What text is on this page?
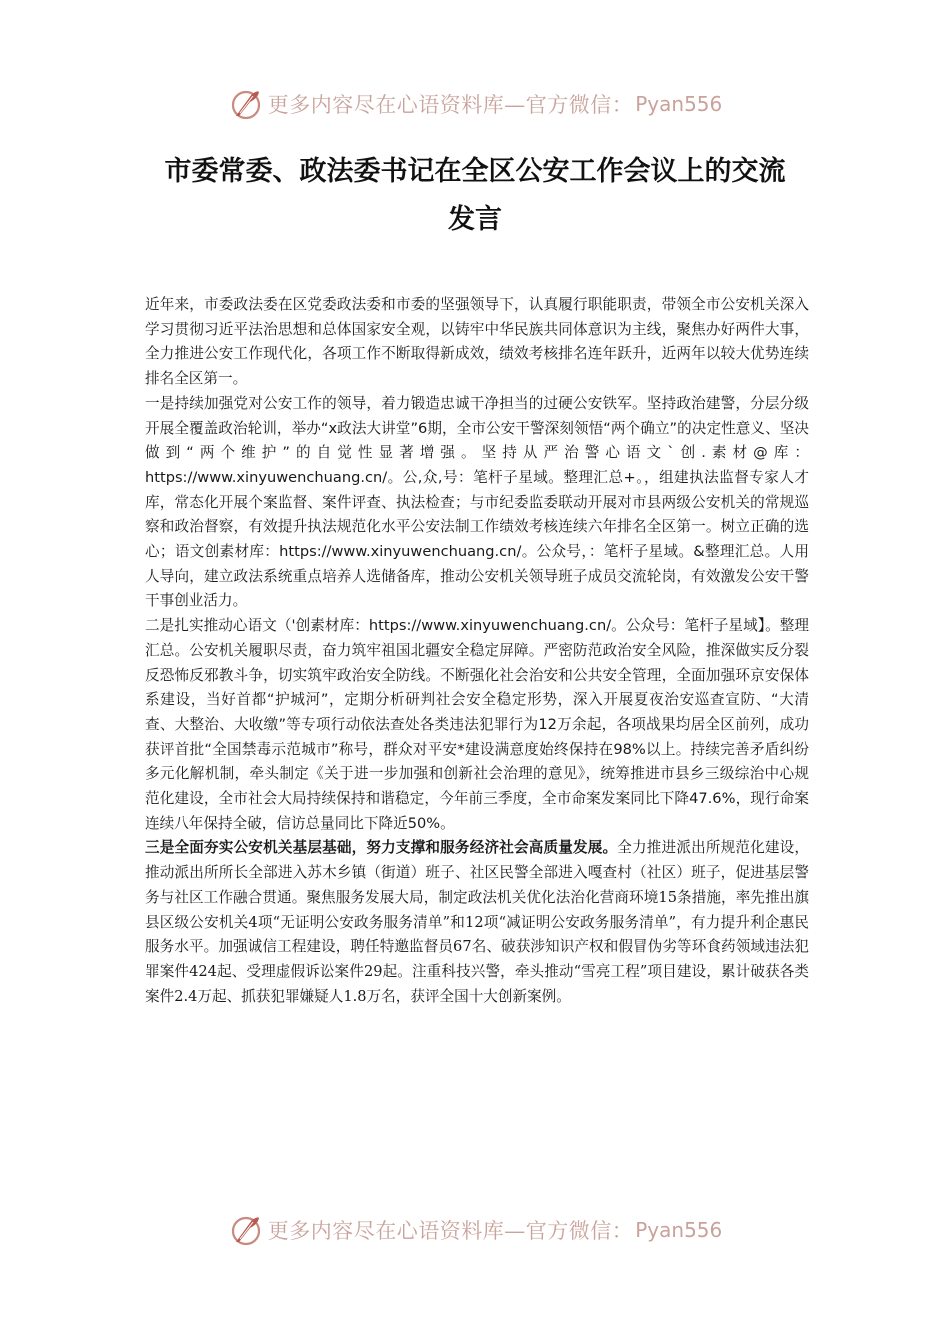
更多内容尽在心语资料库—官方微信： Pyan556
市委常委、政法委书记在全区公安工作会议上的交流
发言

近年来，市委政法委在区党委政法委和市委的坚强领导下，认真履行职能职责，带领全市公安机关深入学习贯彻习近平法治思想和总体国家安全观，以铸牢中华民族共同体意识为主线，聚焦办好两件大事，全力推进公安工作现代化，各项工作不断取得新成效，绩效考核排名连年跃升，近两年以较大优势连续排名全区第一。

一是持续加强党对公安工作的领导，着力锻造忠诚干净担当的过硬公安铁军。坚持政治建警，分层分级开展全覆盖政治轮训，举办“x政法大讲堂”6期，全市公安干警深刻领悟“两个确立”的决定性意义、坚决做到“两个维护”的自觉性显著增强。坚持从严治警心语文`创.素材@库：https://www.xinyuwenchuang.cn/。公,众,号：笔杆子星域。整理汇总+。，组建执法监督专家人才库，常态化开展个案监督、案件评查、执法检查；与市纪委监委联动开展对市县两级公安机关的常规巡察和政治督察，有效提升执法规范化水平公安法制工作绩效考核连续六年排名全区第一。树立正确的选心；语文创素材库：https://www.xinyuwenchuang.cn/。公众号，：笔杆子星域。&整理汇总。人用人导向，建立政法系统重点培养人选储备库，推动公安机关领导班子成员交流轮岗，有效激发公安干警干事创业活力。

二是扎实推动心语文（'创素材库：https://www.xinyuwenchuang.cn/。公众号：笔杆子星域】。整理汇总。公安机关履职尽责，奋力筑牢祖国北疆安全稳定屏障。严密防范政治安全风险，推深做实反分裂反恐怖反邪教斗争，切实筑牢政治安全防线。不断强化社会治安和公共安全管理，全面加强环京安保体系建设，当好首都“护城河”，定期分析研判社会安全稳定形势，深入开展夏夜治安巡查宣防、“大清查、大整治、大收缴”等专项行动依法查处各类违法犯罪行为12万余起，各项战果均居全区前列，成功获评首批“全国禁毒示范城市”称号，群众对平安*建设满意度始终保持在98%以上。持续完善矛盾纠纷多元化解机制，牵头制定《关于进一步加强和创新社会治理的意见》，统筹推进市县乡三级综治中心规范化建设，全市社会大局持续保持和谐稳定，今年前三季度，全市命案发案同比下降47.6%，现行命案连续八年保持全破，信访总量同比下降近50%。

三是全面夯实公安机关基层基础，努力支撑和服务经济社会高质量发展。全力推进派出所规范化建设，推动派出所所长全部进入苏木乡镇（街道）班子、社区民警全部进入嘎查村（社区）班子，促进基层警务与社区工作融合贯通。聚焦服务发展大局，制定政法机关优化法治化营商环境15条措施，率先推出旗县区级公安机关4项“无证明公安政务服务清单”和12项“减证明公安政务服务清单”，有力提升利企惠民服务水平。加强诚信工程建设，聘任特邀监督员67名、破获涉知识产权和假冒伪劣等环食药领域违法犯罪案件424起、受理虚假诉讼案件29起。注重科技兴警，牵头推动“雪亮工程”项目建设，累计破获各类案件2.4万起、抓获犯罪嫌疑人1.8万名，获评全国十大创新案例。

更多内容尽在心语资料库—官方微信： Pyan556
